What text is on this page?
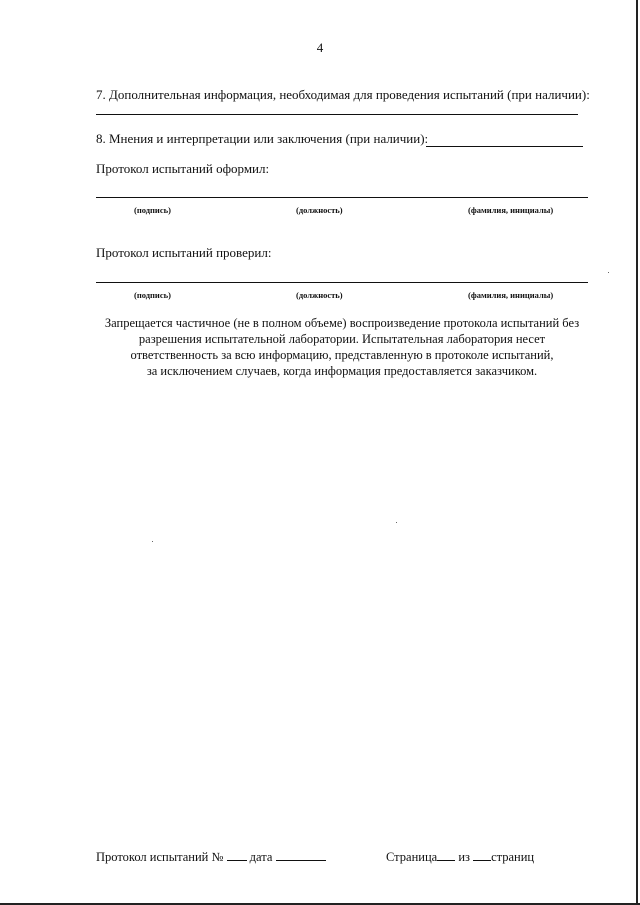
4
7. Дополнительная информация, необходимая для проведения испытаний (при наличии):
8. Мнения и интерпретации или заключения (при наличии):
Протокол испытаний оформил:
(подпись)	(должность)	(фамилия, инициалы)
Протокол испытаний проверил:
(подпись)	(должность)	(фамилия, инициалы)
Запрещается частичное (не в полном объеме) воспроизведение протокола испытаний без
разрешения испытательной лаборатории. Испытательная лаборатория несет
ответственность за всю информацию, представленную в протоколе испытаний,
за исключением случаев, когда информация предоставляется заказчиком.
Протокол испытаний № дата	Страница из страниц
